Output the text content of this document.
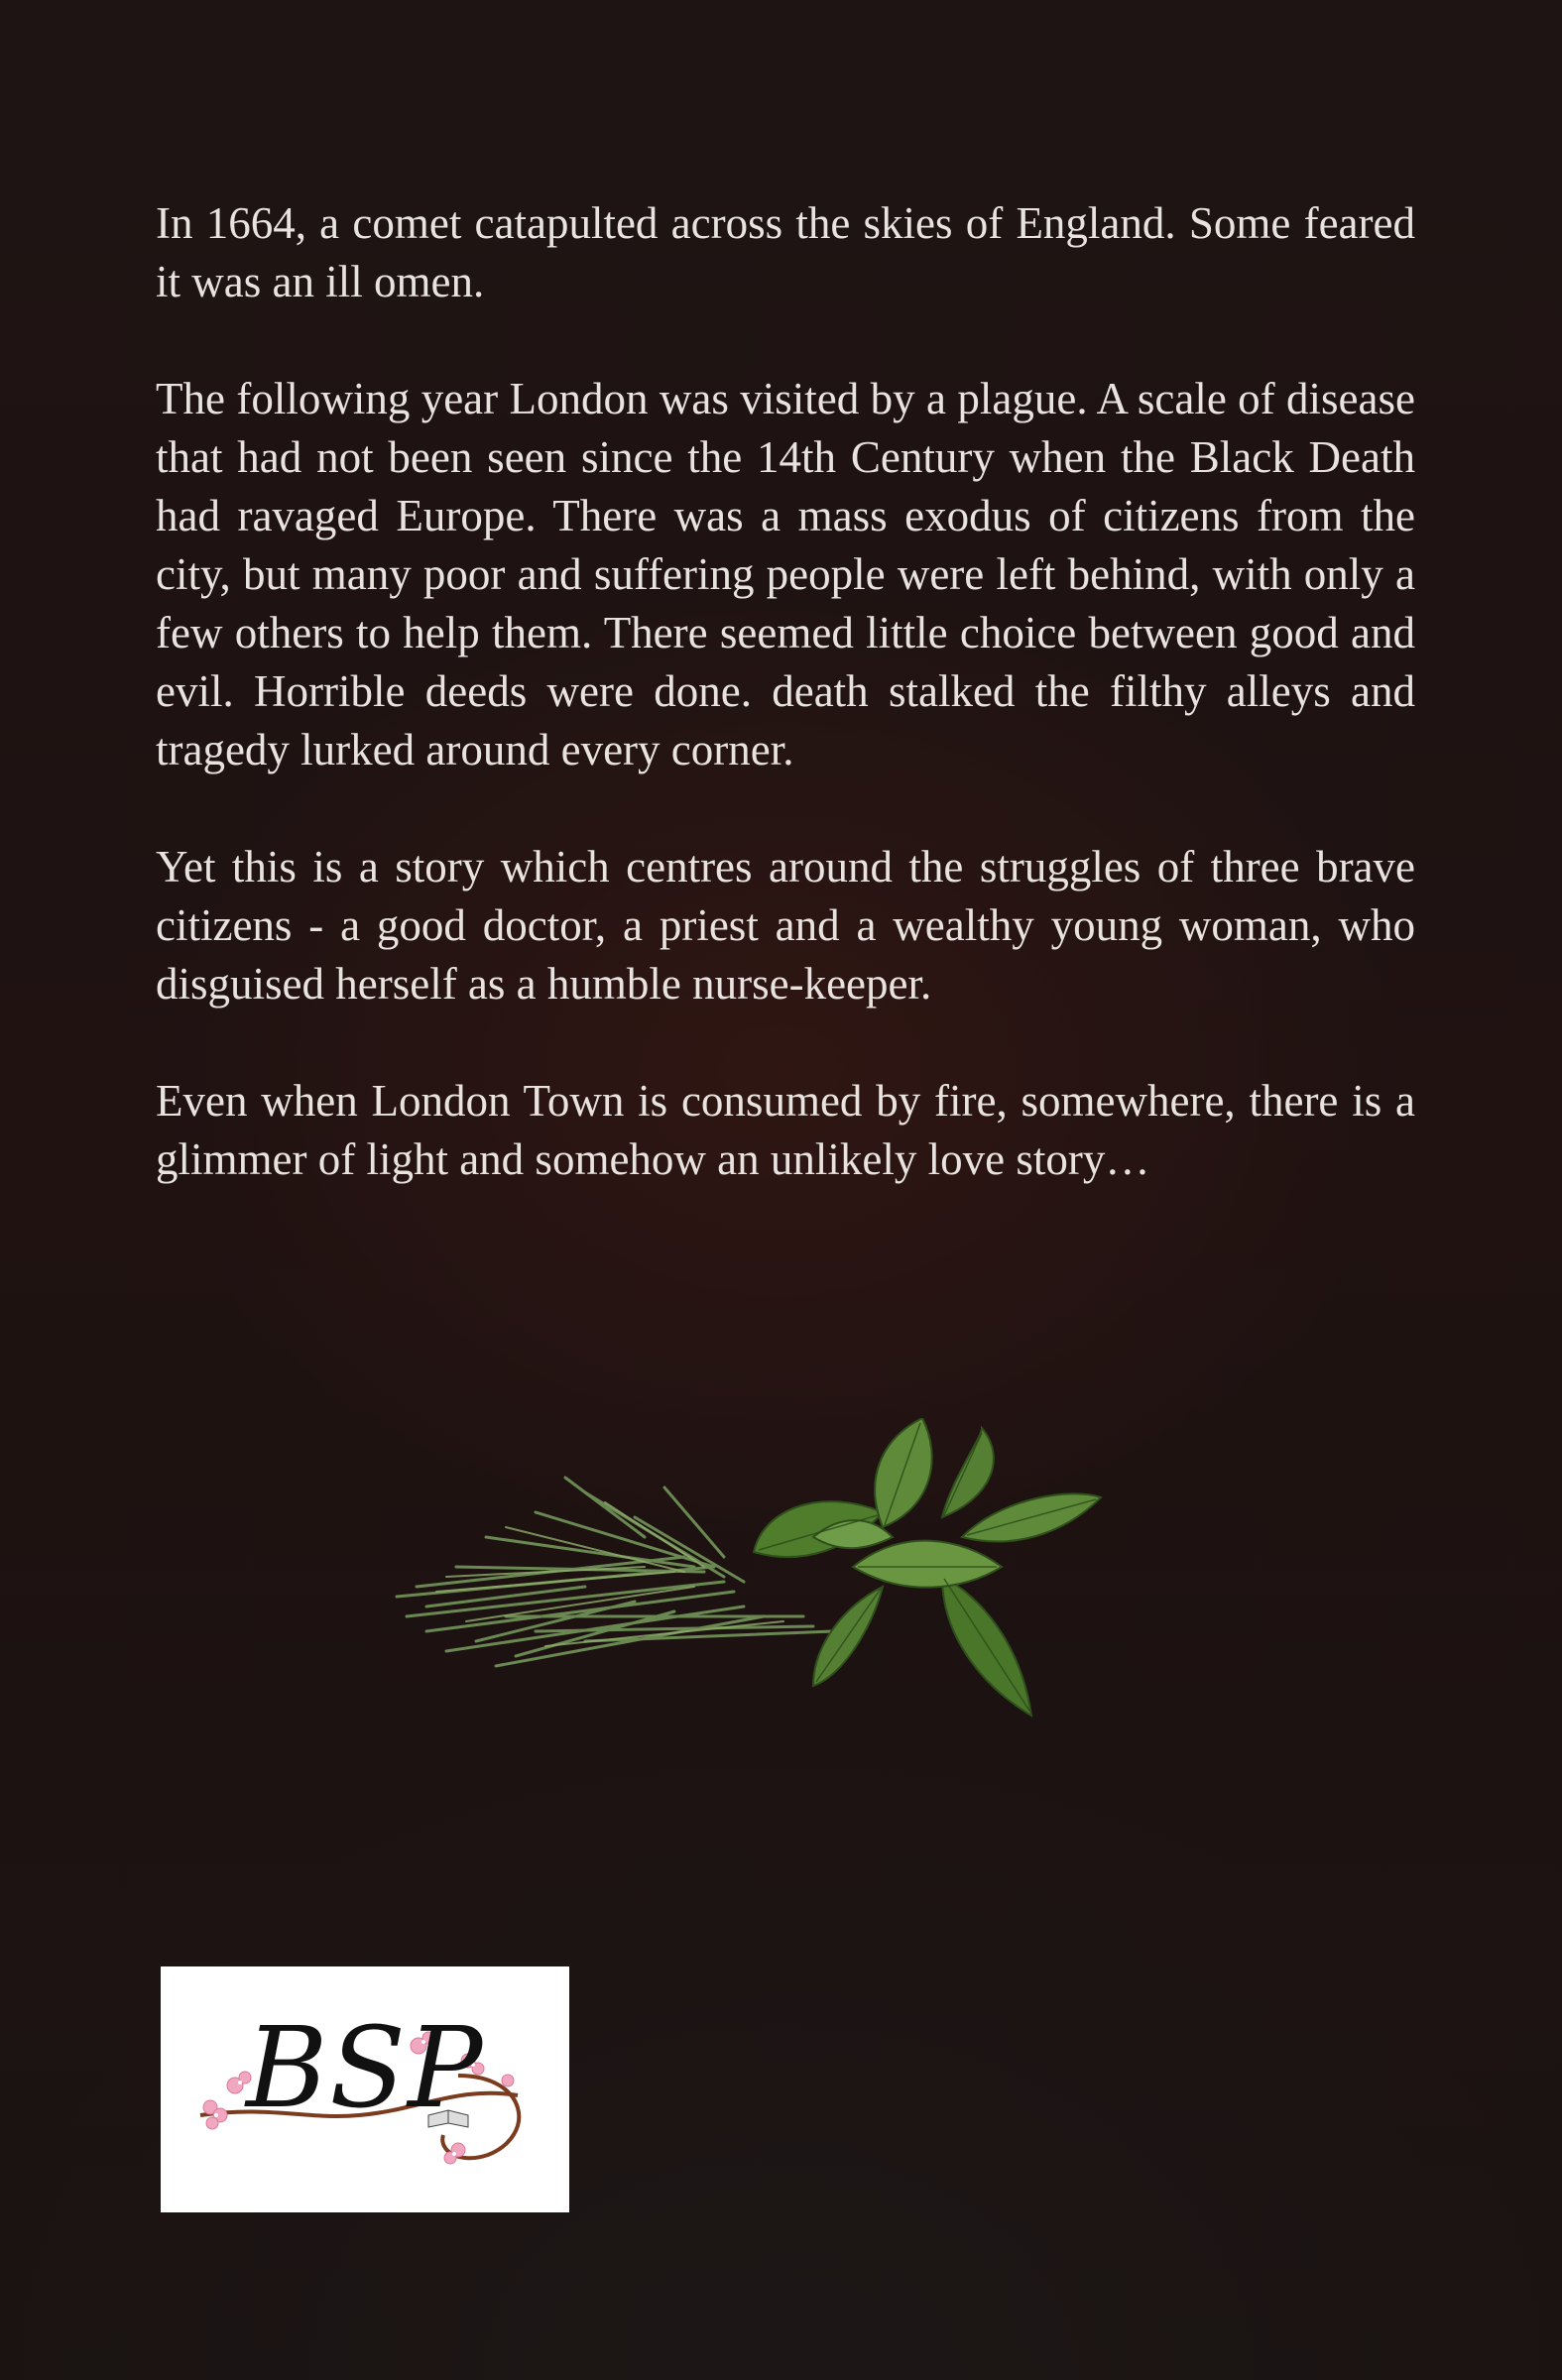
In 1664, a comet catapulted across the skies of England. Some feared it was an ill omen.

The following year London was visited by a plague. A scale of disease that had not been seen since the 14th Century when the Black Death had ravaged Europe. There was a mass exodus of citizens from the city, but many poor and suffering people were left behind, with only a few others to help them. There seemed little choice between good and evil. Horrible deeds were done. death stalked the filthy alleys and tragedy lurked around every corner.

Yet this is a story which centres around the struggles of three brave citizens - a good doctor, a priest and a wealthy young woman, who disguised herself as a humble nurse-keeper.

Even when London Town is consumed by fire, somewhere, there is a glimmer of light and somehow an unlikely love story…

BSP
